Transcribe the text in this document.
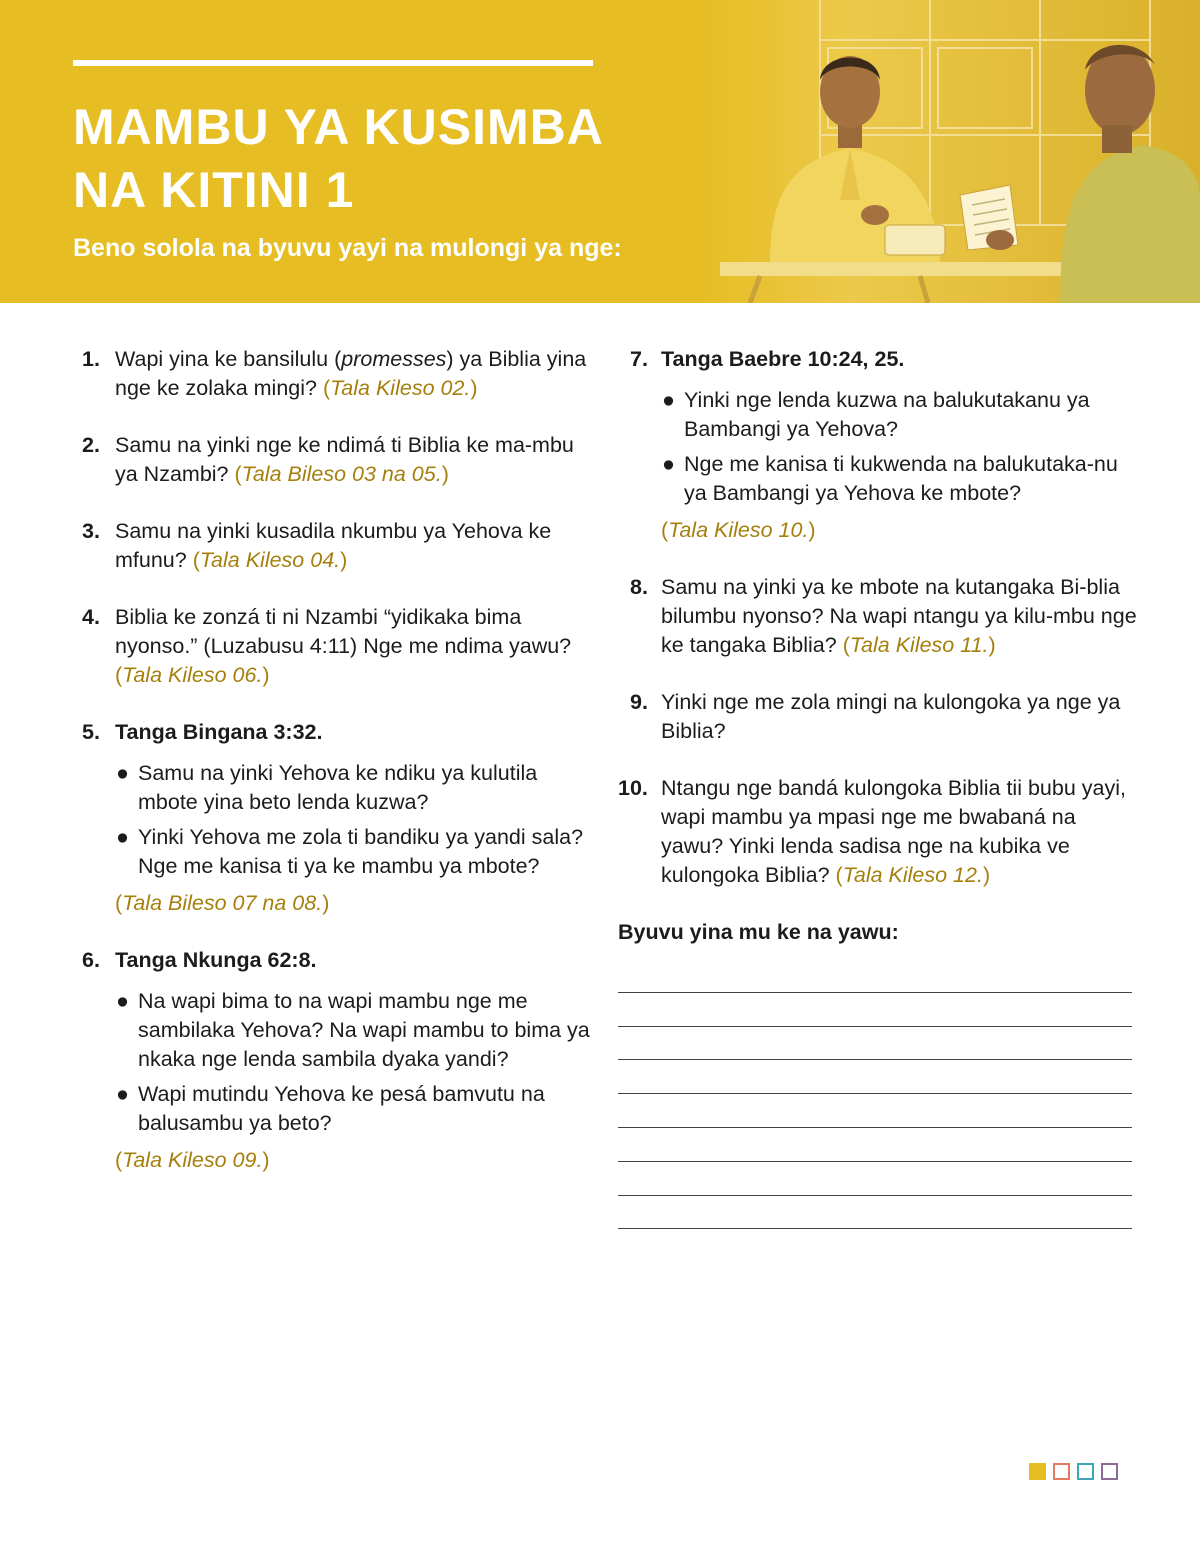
MAMBU YA KUSIMBA
NA KITINI 1

Beno solola na byuvu yayi na mulongi ya nge:

1. Wapi yina ke bansilulu (promesses) ya Biblia yina nge ke zolaka mingi? (Tala Kileso 02.)
2. Samu na yinki nge ke ndimá ti Biblia ke ma-mbu ya Nzambi? (Tala Bileso 03 na 05.)
3. Samu na yinki kusadila nkumbu ya Yehova ke mfunu? (Tala Kileso 04.)
4. Biblia ke zonzá ti ni Nzambi “yidikaka bima nyonso.” (Luzabusu 4:11) Nge me ndima yawu? (Tala Kileso 06.)
5. Tanga Bingana 3:32.
● Samu na yinki Yehova ke ndiku ya kulutila mbote yina beto lenda kuzwa?
● Yinki Yehova me zola ti bandiku ya yandi sala? Nge me kanisa ti ya ke mambu ya mbote?
(Tala Bileso 07 na 08.)
6. Tanga Nkunga 62:8.
● Na wapi bima to na wapi mambu nge me sambilaka Yehova? Na wapi mambu to bima ya nkaka nge lenda sambila dyaka yandi?
● Wapi mutindu Yehova ke pesá bamvutu na balusambu ya beto?
(Tala Kileso 09.)
7. Tanga Baebre 10:24, 25.
● Yinki nge lenda kuzwa na balukutakanu ya Bambangi ya Yehova?
● Nge me kanisa ti kukwenda na balukutaka-nu ya Bambangi ya Yehova ke mbote?
(Tala Kileso 10.)
8. Samu na yinki ya ke mbote na kutangaka Bi-blia bilumbu nyonso? Na wapi ntangu ya kilu-mbu nge ke tangaka Biblia? (Tala Kileso 11.)
9. Yinki nge me zola mingi na kulongoka ya nge ya Biblia?
10. Ntangu nge bandá kulongoka Biblia tii bubu yayi, wapi mambu ya mpasi nge me bwabaná na yawu? Yinki lenda sadisa nge na kubika ve kulongoka Biblia? (Tala Kileso 12.)
Byuvu yina mu ke na yawu:
